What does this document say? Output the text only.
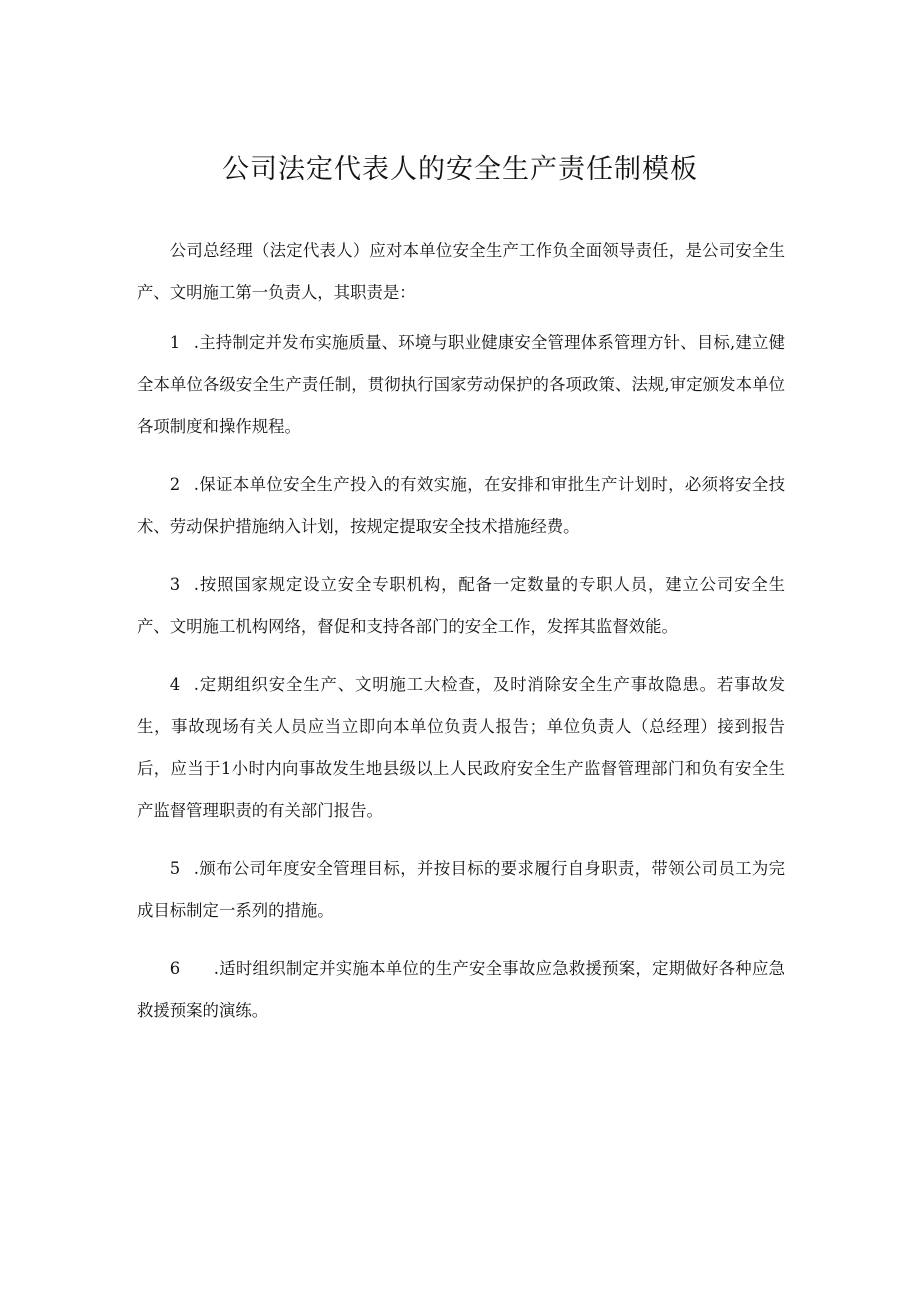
公司法定代表人的安全生产责任制模板

公司总经理（法定代表人）应对本单位安全生产工作负全面领导责任，是公司安全生产、文明施工第一负责人，其职责是：

1 .主持制定并发布实施质量、环境与职业健康安全管理体系管理方针、目标,建立健全本单位各级安全生产责任制，贯彻执行国家劳动保护的各项政策、法规,审定颁发本单位各项制度和操作规程。

2 .保证本单位安全生产投入的有效实施，在安排和审批生产计划时，必须将安全技术、劳动保护措施纳入计划，按规定提取安全技术措施经费。

3 .按照国家规定设立安全专职机构，配备一定数量的专职人员，建立公司安全生产、文明施工机构网络，督促和支持各部门的安全工作，发挥其监督效能。

4 .定期组织安全生产、文明施工大检查，及时消除安全生产事故隐患。若事故发生，事故现场有关人员应当立即向本单位负责人报告；单位负责人（总经理）接到报告后，应当于1小时内向事故发生地县级以上人民政府安全生产监督管理部门和负有安全生产监督管理职责的有关部门报告。

5 .颁布公司年度安全管理目标，并按目标的要求履行自身职责，带领公司员工为完成目标制定一系列的措施。

6 .适时组织制定并实施本单位的生产安全事故应急救援预案，定期做好各种应急救援预案的演练。
